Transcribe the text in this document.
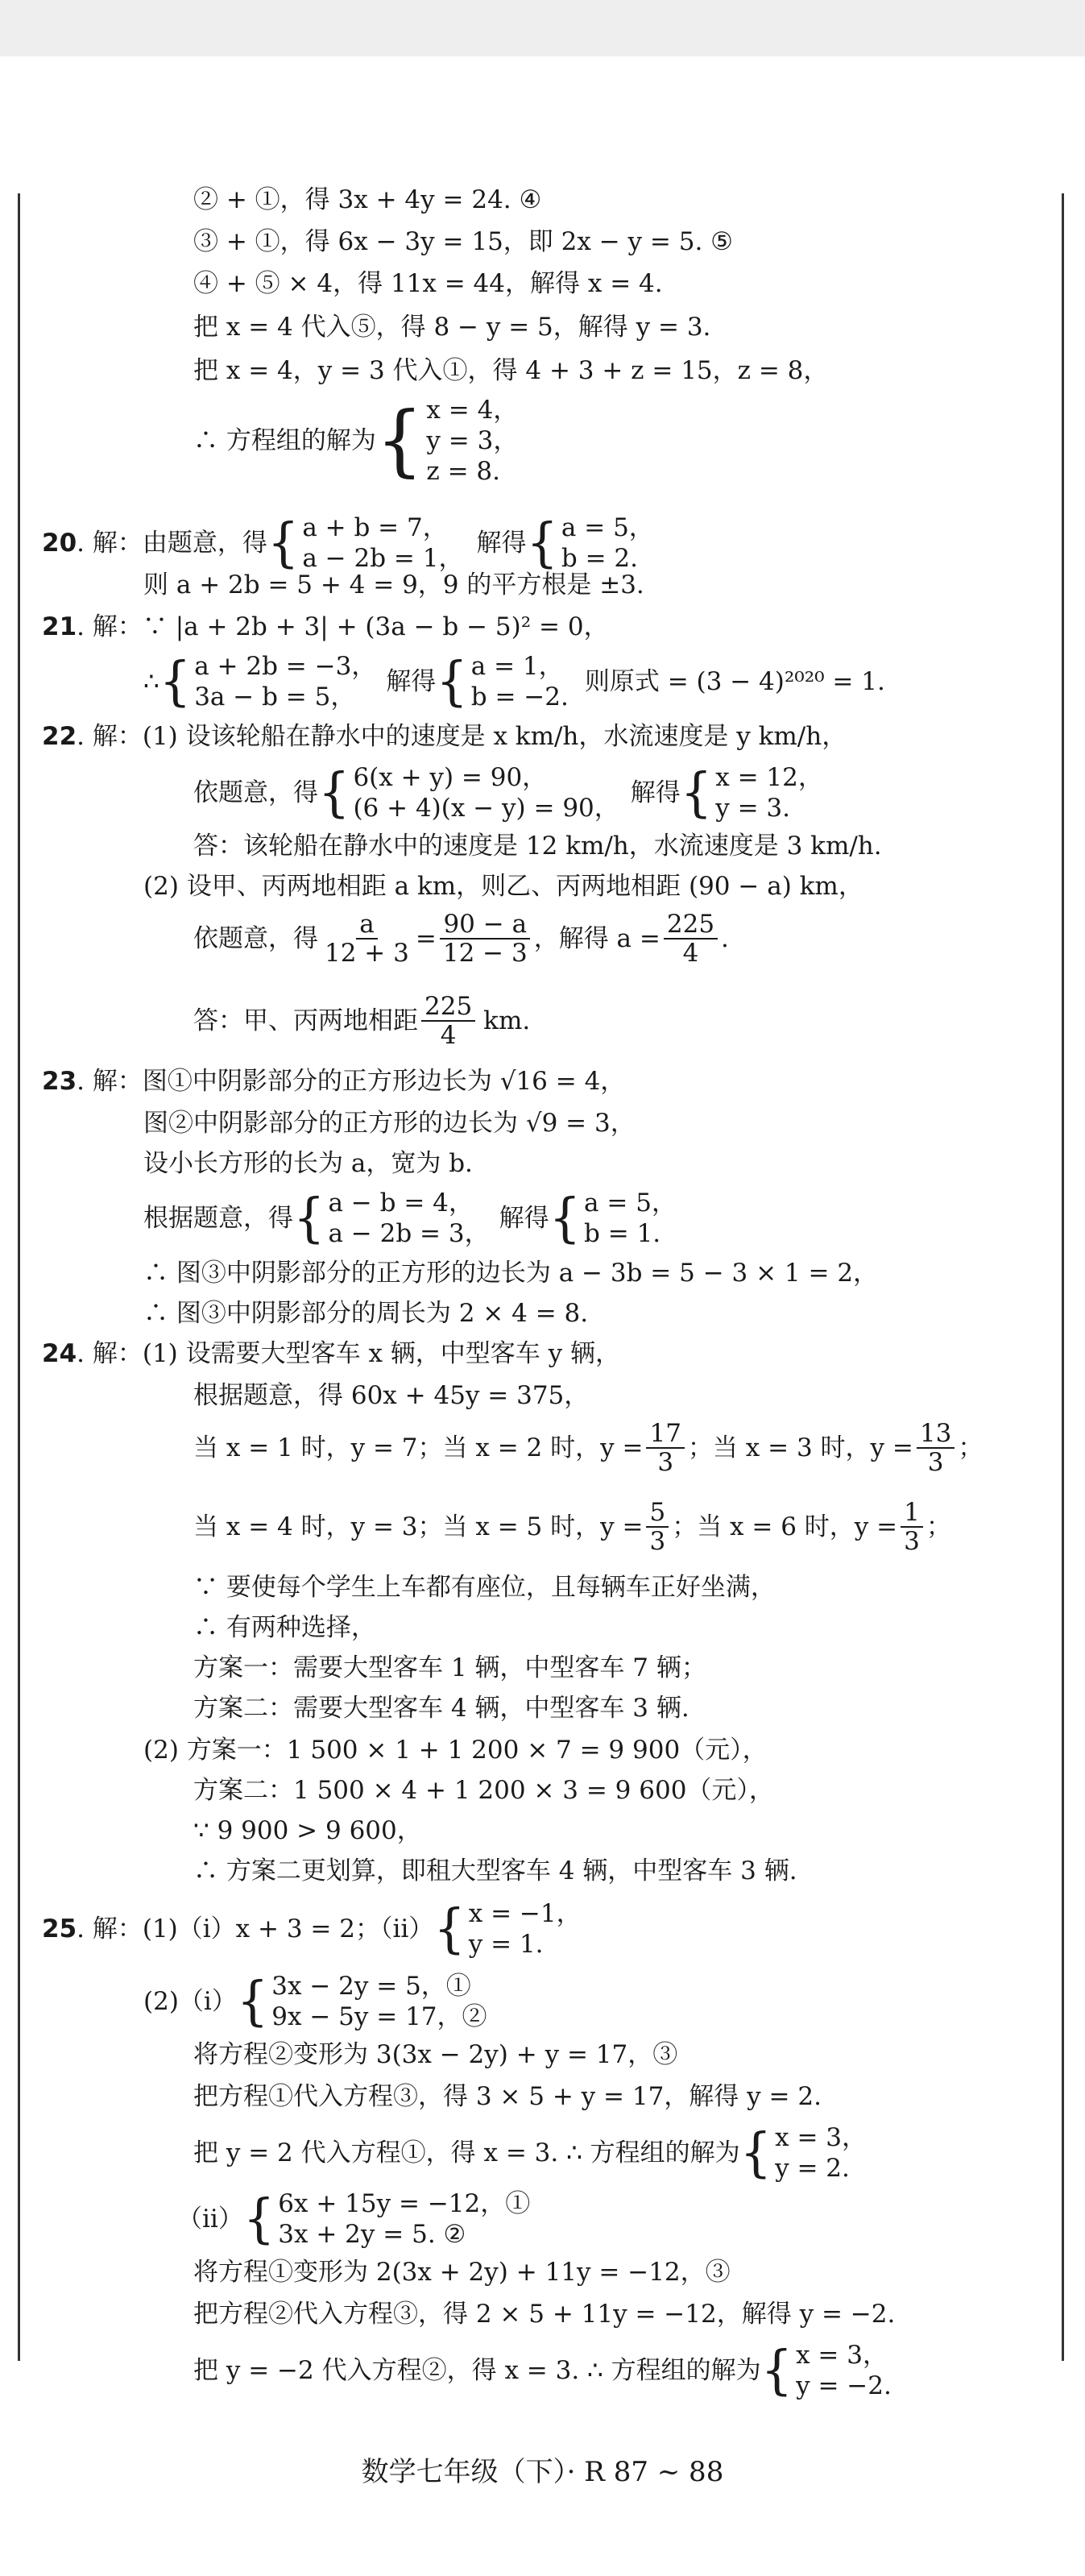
② + ①，得 3x + 4y = 24. ④
③ + ①，得 6x − 3y = 15，即 2x − y = 5. ⑤
④ + ⑤ × 4，得 11x = 44，解得 x = 4.
把 x = 4 代入⑤，得 8 − y = 5，解得 y = 3.
把 x = 4，y = 3 代入①，得 4 + 3 + z = 15，z = 8，
∴ 方程组的解为 { x = 4，
y = 3，
z = 8.
20 . 解：由题意，得 { a + b = 7，
a − 2b = 1，
解得 { a = 5，
b = 2.
则 a + 2b = 5 + 4 = 9，9 的平方根是 ±3.
21. 解：∵ |a + 2b + 3| + (3a − b − 5)² = 0，
∴ { a + 2b = −3，
3a − b = 5，
解得 { a = 1，
b = −2.
则原式 = (3 − 4)²⁰²⁰ = 1.
22. 解：(1) 设该轮船在静水中的速度是 x km/h，水流速度是 y km/h，
依题意，得 { 6(x + y) = 90，
(6 + 4)(x − y) = 90，
解得 { x = 12，
y = 3.
答：该轮船在静水中的速度是 12 km/h，水流速度是 3 km/h.
(2) 设甲、丙两地相距 a km，则乙、丙两地相距 (90 − a) km，
依题意，得 $\frac{a}{12 + 3} = \frac{90 - a}{12 - 3}$ ，解得 $a = \frac{225}{4}$ .
答：甲、丙两地相距 $\frac{225}{4}$ km.
23. 解：图①中阴影部分的正方形边长为 √16 = 4，
图②中阴影部分的正方形的边长为 √9 = 3，
设小长方形的长为 a，宽为 b.
根据题意，得 { a − b = 4，
a − 2b = 3，
解得 { a = 5，
b = 1.
∴ 图③中阴影部分的正方形的边长为 a − 3b = 5 − 3 × 1 = 2，
∴ 图③中阴影部分的周长为 2 × 4 = 8.
24. 解：(1) 设需要大型客车 x 辆，中型客车 y 辆，
根据题意，得 60x + 45y = 375，
当 x = 1 时，y = 7；当 x = 2 时，$y = \frac{17}{3}$ ；当 x = 3 时，$y = \frac{13}{3}$ ；
当 x = 4 时，y = 3；当 x = 5 时，$y = \frac{5}{3}$ ；当 x = 6 时，$y = \frac{1}{3}$ ；
∵ 要使每个学生上车都有座位，且每辆车正好坐满，
∴ 有两种选择，
方案一：需要大型客车 1 辆，中型客车 7 辆；
方案二：需要大型客车 4 辆，中型客车 3 辆.
(2) 方案一：1 500 × 1 + 1 200 × 7 = 9 900（元），
方案二：1 500 × 4 + 1 200 × 3 = 9 600（元），
∵ 9 900 > 9 600，
∴ 方案二更划算，即租大型客车 4 辆，中型客车 3 辆.
25 . 解：(1)（ⅰ）x + 3 = 2；（ⅱ） { x = −1，
y = 1.
(2)（ⅰ） { 3x − 2y = 5，①
9x − 5y = 17，②
将方程②变形为 3(3x − 2y) + y = 17，③
把方程①代入方程③，得 3 × 5 + y = 17，解得 y = 2.
把 y = 2 代入方程①，得 x = 3. ∴ 方程组的解为 { x = 3，
y = 2.
（ⅱ） { 6x + 15y = −12，①
3x + 2y = 5. ②
将方程①变形为 2(3x + 2y) + 11y = −12，③
把方程②代入方程③，得 2 × 5 + 11y = −12，解得 y = −2.
把 y = −2 代入方程②，得 x = 3. ∴ 方程组的解为 { x = 3，
y = −2.
数学七年级（下）· R 87 ~ 88
